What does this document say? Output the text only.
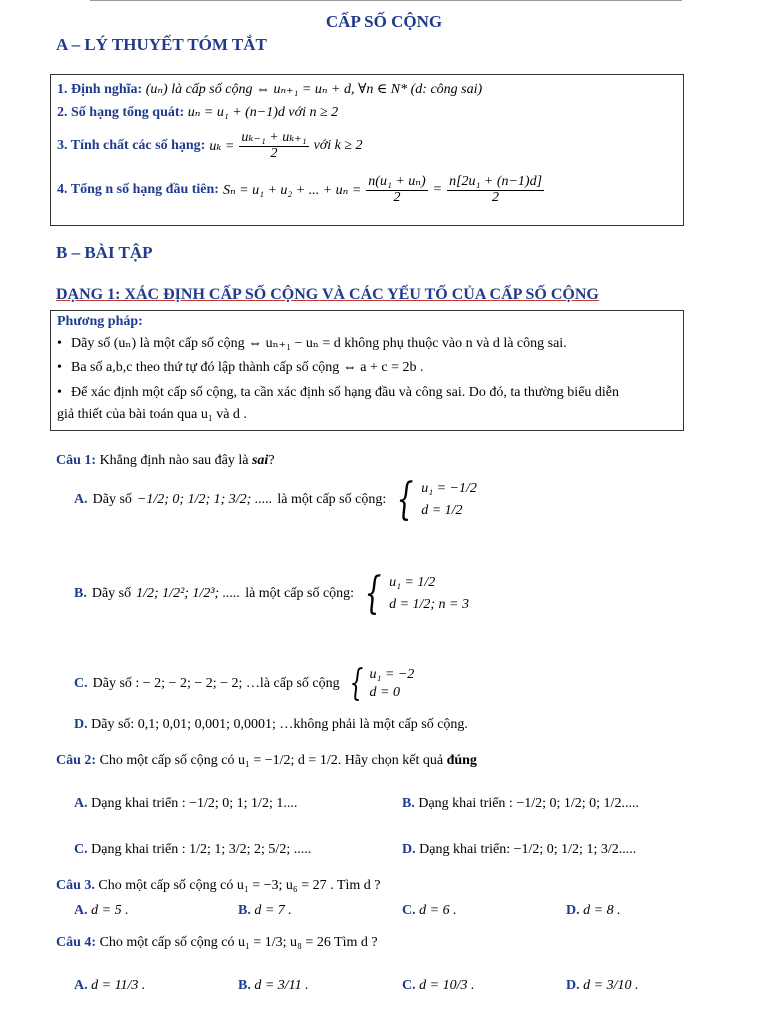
CẤP SỐ CỘNG
A – LÝ THUYẾT TÓM TẮT
1. Định nghĩa: (uₙ) là cấp số cộng ⇔ uₙ₊₁ = uₙ + d, ∀n ∈ N* (d: công sai)
2. Số hạng tổng quát: uₙ = u₁ + (n−1)d với n ≥ 2
3. Tính chất các số hạng: $u_k = \frac{\text{uₖ₋₁ + uₖ₊₁}}{2}$ với k ≥ 2
4. Tổng n số hạng đầu tiên: Sₙ = u₁ + u₂ + ... + $u_n = \frac{\text{n(u₁ + uₙ)}}{2} = \frac{\text{n[2u₁ + (n−1)d]}}{2}$
B – BÀI TẬP
DẠNG 1: XÁC ĐỊNH CẤP SỐ CỘNG VÀ CÁC YẾU TỐ CỦA CẤP SỐ CỘNG
Phương pháp:
• Dãy số (uₙ) là một cấp số cộng ⇔ uₙ₊₁ − uₙ = d không phụ thuộc vào n và d là công sai.
• Ba số a,b,c theo thứ tự đó lập thành cấp số cộng ⇔ a + c = 2b .
• Để xác định một cấp số cộng, ta cần xác định số hạng đầu và công sai. Do đó, ta thường biểu diễn
giả thiết của bài toán qua u₁ và d .
Câu 1: Khẳng định nào sau đây là sai?
A. Dãy số −1/2; 0; 1/2; 1; 3/2; ..... là một cấp số cộng: { u₁ = −1/2
d = 1/2
B. Dãy số 1/2; 1/2²; 1/2³; ..... là một cấp số cộng: { u₁ = 1/2
d = 1/2; n = 3
C. Dãy số : − 2; − 2; − 2; − 2; …là cấp số cộng { u₁ = −2
d = 0
D. Dãy số: 0,1; 0,01; 0,001; 0,0001; …không phải là một cấp số cộng.
Câu 2: Cho một cấp số cộng có u₁ = −1/2; d = 1/2. Hãy chọn kết quả đúng
A. Dạng khai triển : −1/2; 0; 1; 1/2; 1....	B. Dạng khai triển : −1/2; 0; 1/2; 0; 1/2.....
C. Dạng khai triển : 1/2; 1; 3/2; 2; 5/2; .....	D. Dạng khai triển: −1/2; 0; 1/2; 1; 3/2.....
Câu 3. Cho một cấp số cộng có u₁ = −3; u₆ = 27 . Tìm d ?
A. d = 5 .	B. d = 7 .	C. d = 6 .	D. d = 8 .
Câu 4: Cho một cấp số cộng có u₁ = 1/3; u₈ = 26 Tìm d ?
A. d = 11/3 .	B. d = 3/11 .	C. d = 10/3 .	D. d = 3/10 .
